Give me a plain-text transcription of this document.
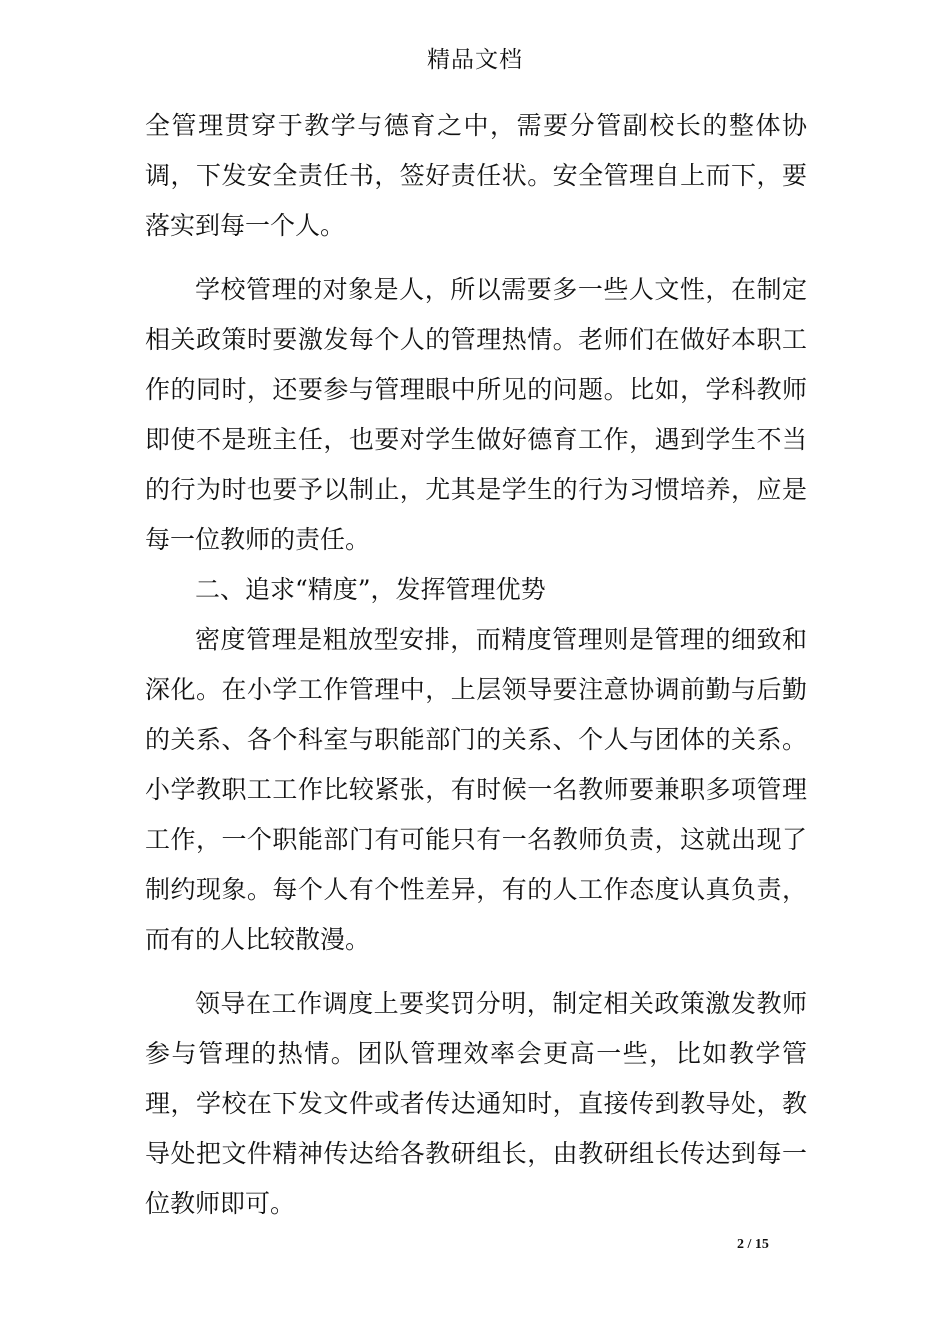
精品文档

全管理贯穿于教学与德育之中，需要分管副校长的整体协调，下发安全责任书，签好责任状。安全管理自上而下，要落实到每一个人。

学校管理的对象是人，所以需要多一些人文性，在制定相关政策时要激发每个人的管理热情。老师们在做好本职工作的同时，还要参与管理眼中所见的问题。比如，学科教师即使不是班主任，也要对学生做好德育工作，遇到学生不当的行为时也要予以制止，尤其是学生的行为习惯培养，应是每一位教师的责任。

二、追求“精度”，发挥管理优势

密度管理是粗放型安排，而精度管理则是管理的细致和深化。在小学工作管理中，上层领导要注意协调前勤与后勤的关系、各个科室与职能部门的关系、个人与团体的关系。小学教职工工作比较紧张，有时候一名教师要兼职多项管理工作，一个职能部门有可能只有一名教师负责，这就出现了制约现象。每个人有个性差异，有的人工作态度认真负责，而有的人比较散漫。

领导在工作调度上要奖罚分明，制定相关政策激发教师参与管理的热情。团队管理效率会更高一些，比如教学管理，学校在下发文件或者传达通知时，直接传到教导处，教导处把文件精神传达给各教研组长，由教研组长传达到每一位教师即可。

2 / 15
